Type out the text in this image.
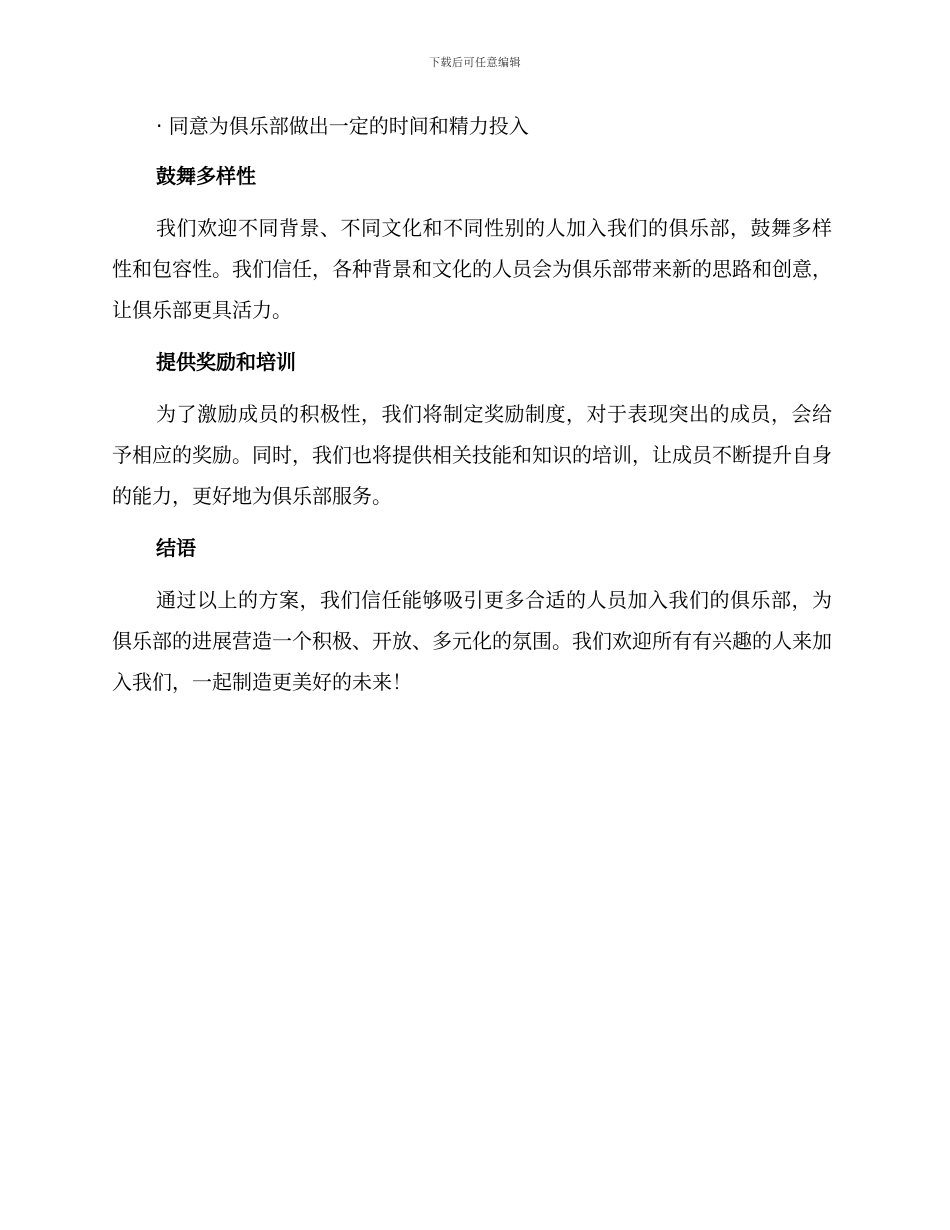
下载后可任意编辑

· 同意为俱乐部做出一定的时间和精力投入

鼓舞多样性

我们欢迎不同背景、不同文化和不同性别的人加入我们的俱乐部，鼓舞多样性和包容性。我们信任，各种背景和文化的人员会为俱乐部带来新的思路和创意，让俱乐部更具活力。

提供奖励和培训

为了激励成员的积极性，我们将制定奖励制度，对于表现突出的成员，会给予相应的奖励。同时，我们也将提供相关技能和知识的培训，让成员不断提升自身的能力，更好地为俱乐部服务。

结语

通过以上的方案，我们信任能够吸引更多合适的人员加入我们的俱乐部，为俱乐部的进展营造一个积极、开放、多元化的氛围。我们欢迎所有有兴趣的人来加入我们，一起制造更美好的未来！
